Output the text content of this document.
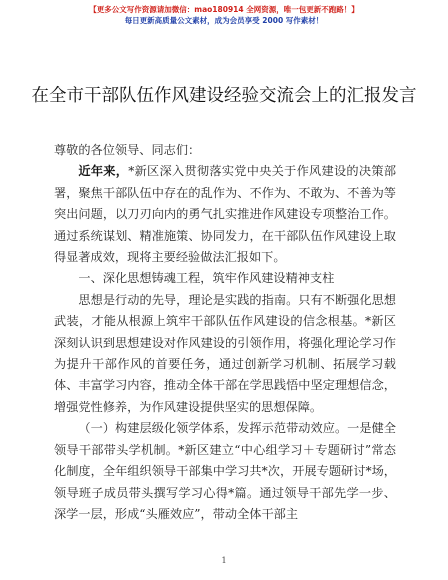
【更多公文写作资源请加微信：mao180914 全网资源，唯一包更新不跑路！】
每日更新高质量公文素材，成为会员享受 2000 写作素材！
在全市干部队伍作风建设经验交流会上的汇报发言

尊敬的各位领导、同志们：

近年来，*新区深入贯彻落实党中央关于作风建设的决策部署，聚焦干部队伍中存在的乱作为、不作为、不敢为、不善为等突出问题，以刀刃向内的勇气扎实推进作风建设专项整治工作。通过系统谋划、精准施策、协同发力，在干部队伍作风建设上取得显著成效，现将主要经验做法汇报如下。

一、深化思想铸魂工程，筑牢作风建设精神支柱

思想是行动的先导，理论是实践的指南。只有不断强化思想武装，才能从根源上筑牢干部队伍作风建设的信念根基。*新区深刻认识到思想建设对作风建设的引领作用，将强化理论学习作为提升干部作风的首要任务，通过创新学习机制、拓展学习载体、丰富学习内容，推动全体干部在学思践悟中坚定理想信念，增强党性修养，为作风建设提供坚实的思想保障。

（一）构建层级化领学体系，发挥示范带动效应。一是健全领导干部带头学机制。*新区建立“中心组学习＋专题研讨”常态化制度，全年组织领导干部集中学习共*次，开展专题研讨*场，领导班子成员带头撰写学习心得*篇。通过领导干部先学一步、深学一层，形成“头雁效应”，带动全体干部主

1
